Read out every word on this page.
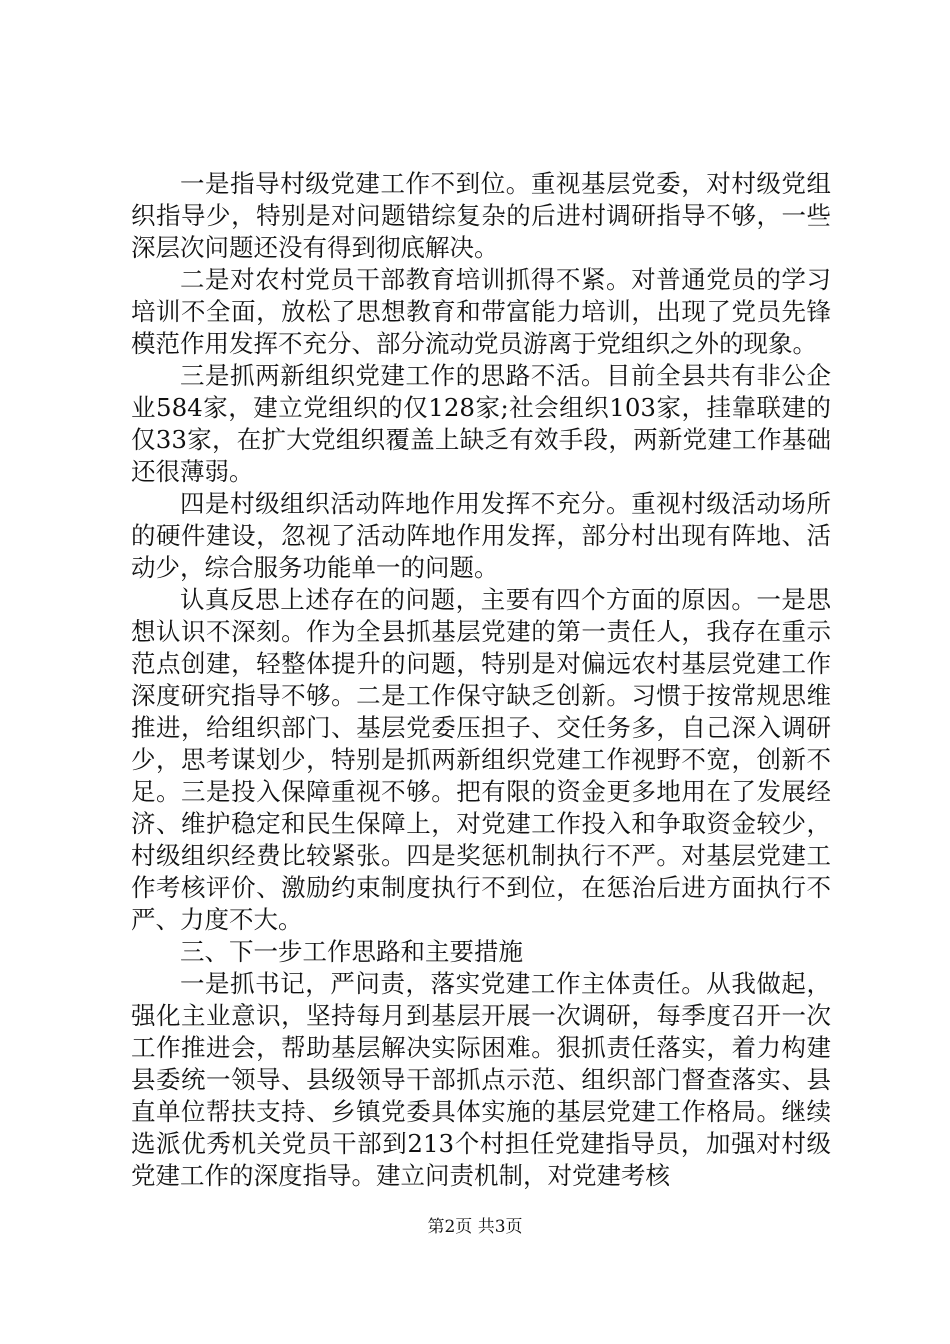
一是指导村级党建工作不到位。重视基层党委，对村级党组织指导少，特别是对问题错综复杂的后进村调研指导不够，一些深层次问题还没有得到彻底解决。

二是对农村党员干部教育培训抓得不紧。对普通党员的学习培训不全面，放松了思想教育和带富能力培训，出现了党员先锋模范作用发挥不充分、部分流动党员游离于党组织之外的现象。

三是抓两新组织党建工作的思路不活。目前全县共有非公企业584家，建立党组织的仅128家;社会组织103家，挂靠联建的仅33家，在扩大党组织覆盖上缺乏有效手段，两新党建工作基础还很薄弱。

四是村级组织活动阵地作用发挥不充分。重视村级活动场所的硬件建设，忽视了活动阵地作用发挥，部分村出现有阵地、活动少，综合服务功能单一的问题。

认真反思上述存在的问题，主要有四个方面的原因。一是思想认识不深刻。作为全县抓基层党建的第一责任人，我存在重示范点创建，轻整体提升的问题，特别是对偏远农村基层党建工作深度研究指导不够。二是工作保守缺乏创新。习惯于按常规思维推进，给组织部门、基层党委压担子、交任务多，自己深入调研少，思考谋划少，特别是抓两新组织党建工作视野不宽，创新不足。三是投入保障重视不够。把有限的资金更多地用在了发展经济、维护稳定和民生保障上，对党建工作投入和争取资金较少，村级组织经费比较紧张。四是奖惩机制执行不严。对基层党建工作考核评价、激励约束制度执行不到位，在惩治后进方面执行不严、力度不大。

三、下一步工作思路和主要措施

一是抓书记，严问责，落实党建工作主体责任。从我做起，强化主业意识，坚持每月到基层开展一次调研，每季度召开一次工作推进会，帮助基层解决实际困难。狠抓责任落实，着力构建县委统一领导、县级领导干部抓点示范、组织部门督查落实、县直单位帮扶支持、乡镇党委具体实施的基层党建工作格局。继续选派优秀机关党员干部到213个村担任党建指导员，加强对村级党建工作的深度指导。建立问责机制，对党建考核

第2页 共3页
